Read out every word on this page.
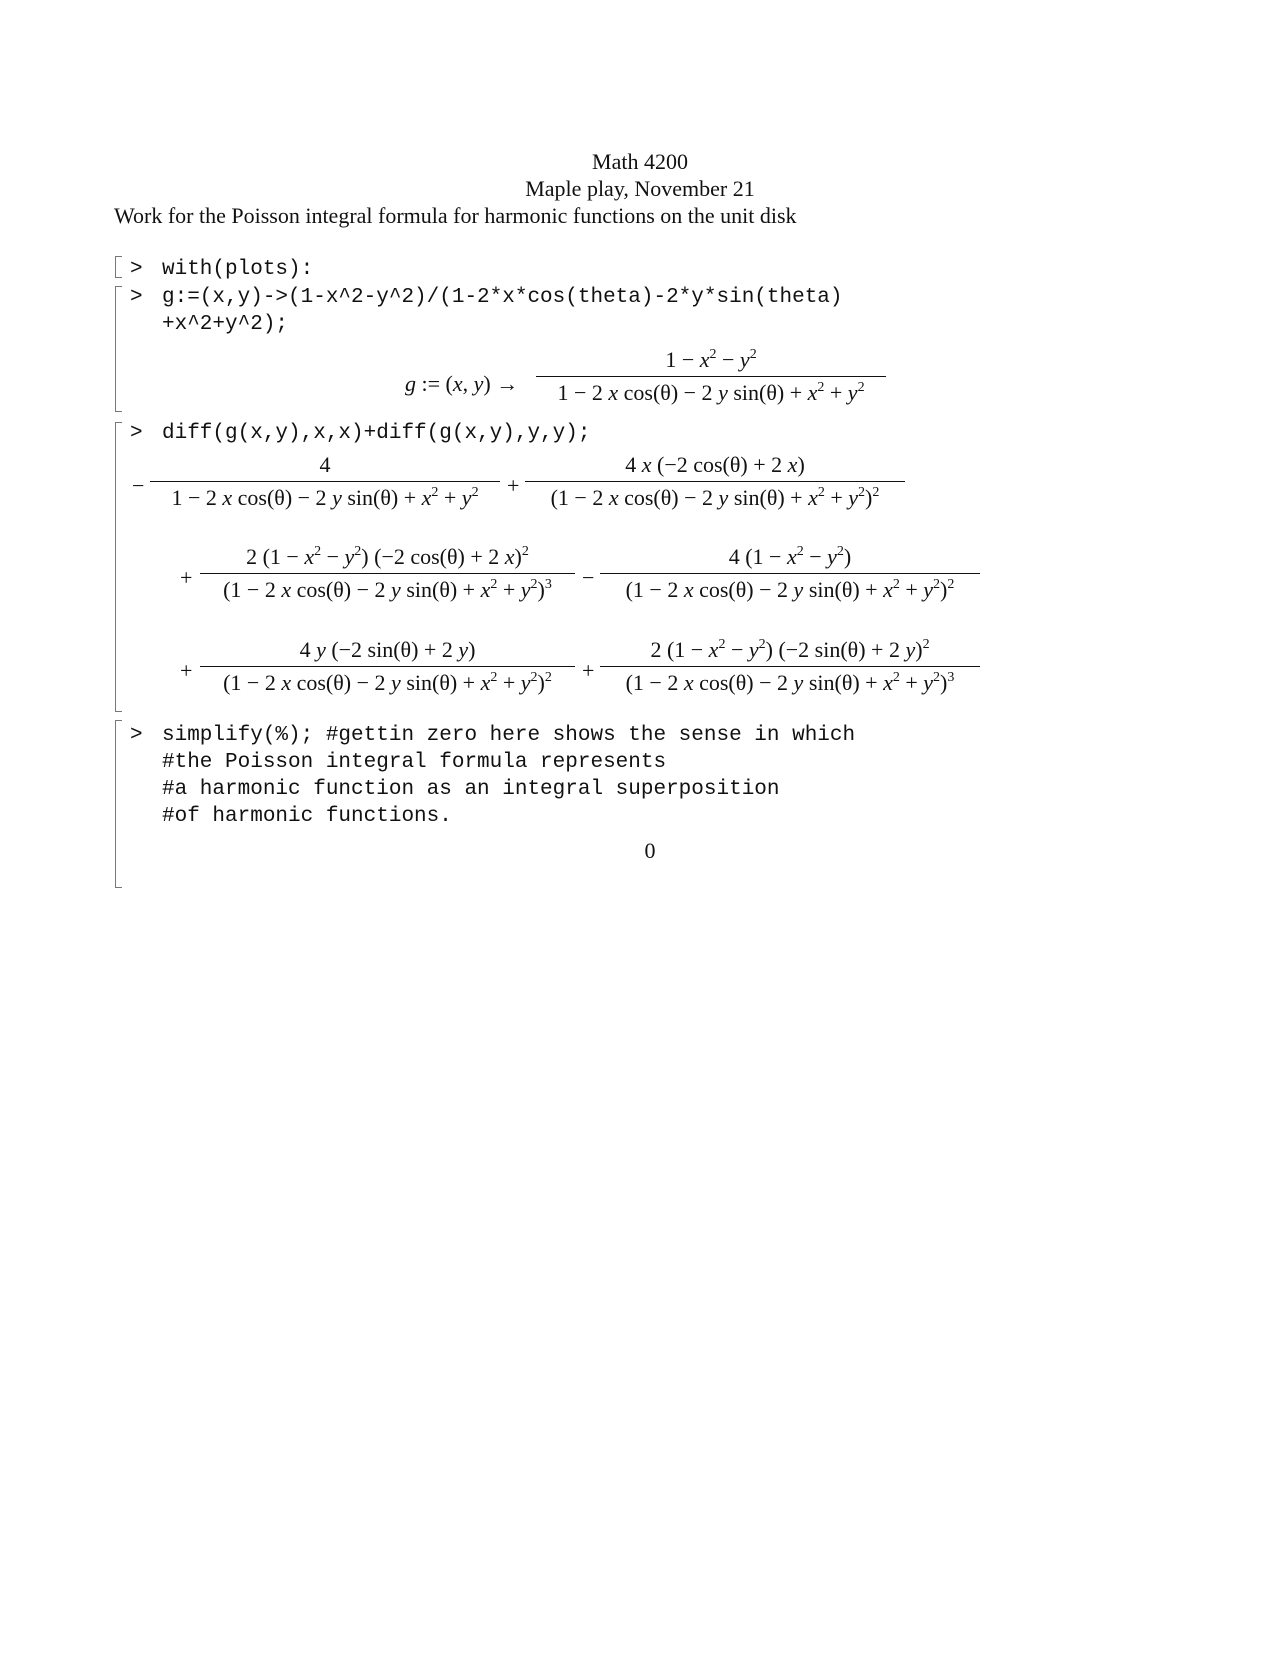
Math 4200
Maple play, November 21
Work for the Poisson integral formula for harmonic functions on the unit disk
> with(plots):
> g:=(x,y)->(1-x^2-y^2)/(1-2*x*cos(theta)-2*y*sin(theta)
+x^2+y^2);
g := (x, y) →
$1 - x^2 - y^2$
1 − 2 x cos(θ) − 2 y $\sin(\theta) + x^2 + y^2$
> diff(g(x,y),x,x)+diff(g(x,y),y,y);
−
4
1 − 2 x cos(θ) − 2 y $\sin(\theta) + x^2 + y^2$	+
4 x (−2 cos(θ) + 2 x)
(1 − 2 x cos(θ) − 2 y $\sin(\theta) + x^2 + y^2)^2$
+
2 $(1 - x^2 - y^2)$ (−2 cos(θ) + 2 x)$^2$
(1 − 2 x cos(θ) − 2 y $\sin(\theta) + x^2 + y^2)^3$	−
4 $(1 - x^2 - y^2)$
(1 − 2 x cos(θ) − 2 y $\sin(\theta) + x^2 + y^2)^2$
+
4 y (−2 sin(θ) + 2 y)
(1 − 2 x cos(θ) − 2 y $\sin(\theta) + x^2 + y^2)^2$	+
2 $(1 - x^2 - y^2)$ (−2 sin(θ) + 2 y)$^2$
(1 − 2 x cos(θ) − 2 y $\sin(\theta) + x^2 + y^2)^3$
> simplify(%); #gettin zero here shows the sense in which
#the Poisson integral formula represents
#a harmonic function as an integral superposition
#of harmonic functions.
0
